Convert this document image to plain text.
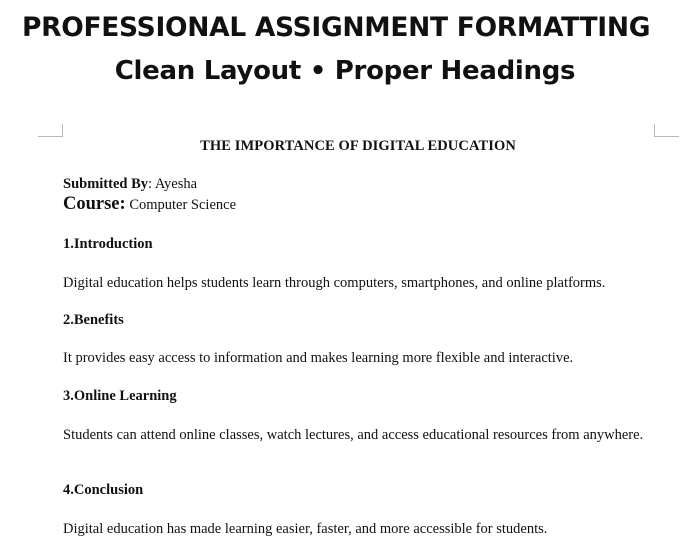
PROFESSIONAL ASSIGNMENT FORMATTING
Clean Layout • Proper Headings
THE IMPORTANCE OF DIGITAL EDUCATION
Submitted By: Ayesha
Course: Computer Science
1.Introduction
Digital education helps students learn through computers, smartphones, and online platforms.
2.Benefits
It provides easy access to information and makes learning more flexible and interactive.
3.Online Learning
Students can attend online classes, watch lectures, and access educational resources from anywhere.
4.Conclusion
Digital education has made learning easier, faster, and more accessible for students.
